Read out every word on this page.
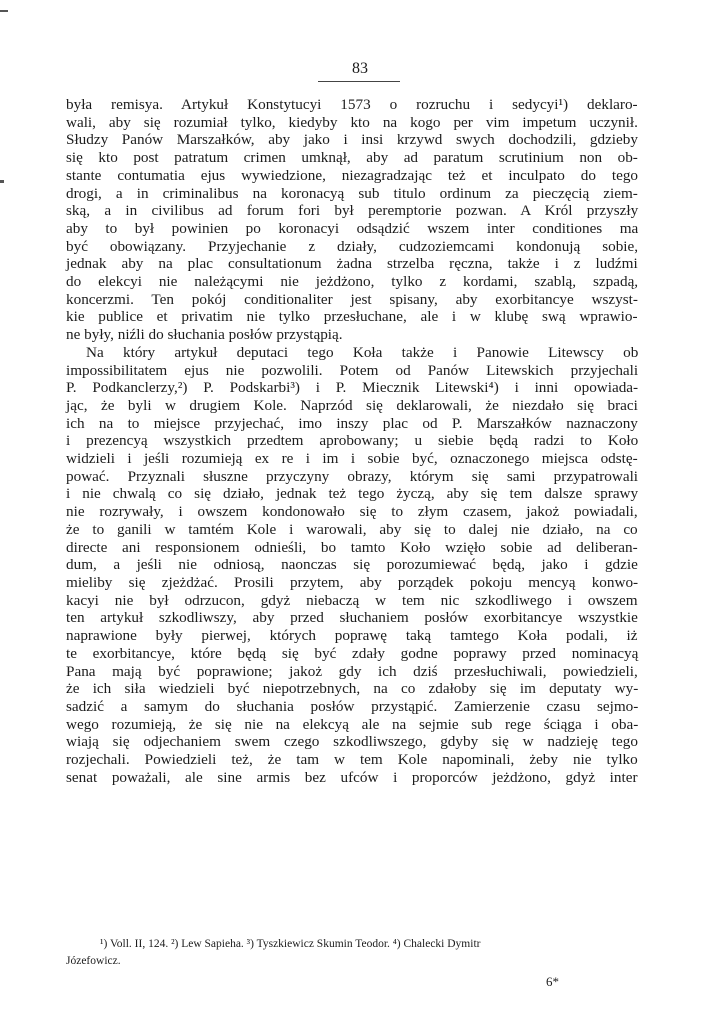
83
była remisya. Artykuł Konstytucyi 1573 o rozruchu i sedycyi¹) deklaro-
wali, aby się rozumiał tylko, kiedyby kto na kogo per vim impetum uczynił.
Słudzy Panów Marszałków, aby jako i insi krzywd swych dochodzili, gdzieby
się kto post patratum crimen umknął, aby ad paratum scrutinium non ob-
stante contumatia ejus wywiedzione, niezagradzając też et inculpato do tego
drogi, a in criminalibus na koronacyą sub titulo ordinum za pieczęcią ziem-
ską, a in civilibus ad forum fori był peremptorie pozwan. A Król przyszły
aby to był powinien po koronacyi odsądzić wszem inter conditiones ma
być obowiązany. Przyjechanie z działy, cudzoziemcami kondonują sobie,
jednak aby na plac consultationum żadna strzelba ręczna, także i z ludźmi
do elekcyi nie należącymi nie jeżdżono, tylko z kordami, szablą, szpadą,
koncerzmi. Ten pokój conditionaliter jest spisany, aby exorbitancye wszyst-
kie publice et privatim nie tylko przesłuchane, ale i w klubę swą wprawio-
ne były, niźli do słuchania posłów przystąpią.
Na który artykuł deputaci tego Koła także i Panowie Litewscy ob
impossibilitatem ejus nie pozwolili. Potem od Panów Litewskich przyjechali
P. Podkanclerzy,²) P. Podskarbi³) i P. Miecznik Litewski⁴) i inni opowiada-
jąc, że byli w drugiem Kole. Naprzód się deklarowali, że niezdało się braci
ich na to miejsce przyjechać, imo inszy plac od P. Marszałków naznaczony
i prezencyą wszystkich przedtem aprobowany; u siebie będą radzi to Koło
widzieli i jeśli rozumieją ex re i im i sobie być, oznaczonego miejsca odstę-
pować. Przyznali słuszne przyczyny obrazy, którym się sami przypatrowali
i nie chwalą co się działo, jednak też tego życzą, aby się tem dalsze sprawy
nie rozrywały, i owszem kondonowało się to złym czasem, jakoż powiadali,
że to ganili w tamtém Kole i warowali, aby się to dalej nie działo, na co
directe ani responsionem odnieśli, bo tamto Koło wzięło sobie ad deliberan-
dum, a jeśli nie odniosą, naonczas się porozumiewać będą, jako i gdzie
mieliby się zjeżdżać. Prosili przytem, aby porządek pokoju mencyą konwo-
kacyi nie był odrzucon, gdyż niebaczą w tem nic szkodliwego i owszem
ten artykuł szkodliwszy, aby przed słuchaniem posłów exorbitancye wszystkie
naprawione były pierwej, których poprawę taką tamtego Koła podali, iż
te exorbitancye, które będą się być zdały godne poprawy przed nominacyą
Pana mają być poprawione; jakoż gdy ich dziś przesłuchiwali, powiedzieli,
że ich siła wiedzieli być niepotrzebnych, na co zdałoby się im deputaty wy-
sadzić a samym do słuchania posłów przystąpić. Zamierzenie czasu sejmo-
wego rozumieją, że się nie na elekcyą ale na sejmie sub rege ściąga i oba-
wiają się odjechaniem swem czego szkodliwszego, gdyby się w nadzieję tego
rozjechali. Powiedzieli też, że tam w tem Kole napominali, żeby nie tylko
senat poważali, ale sine armis bez ufców i proporców jeżdżono, gdyż inter
¹) Voll. II, 124. ²) Lew Sapieha. ³) Tyszkiewicz Skumin Teodor. ⁴) Chalecki Dymitr
Józefowicz.
6*
